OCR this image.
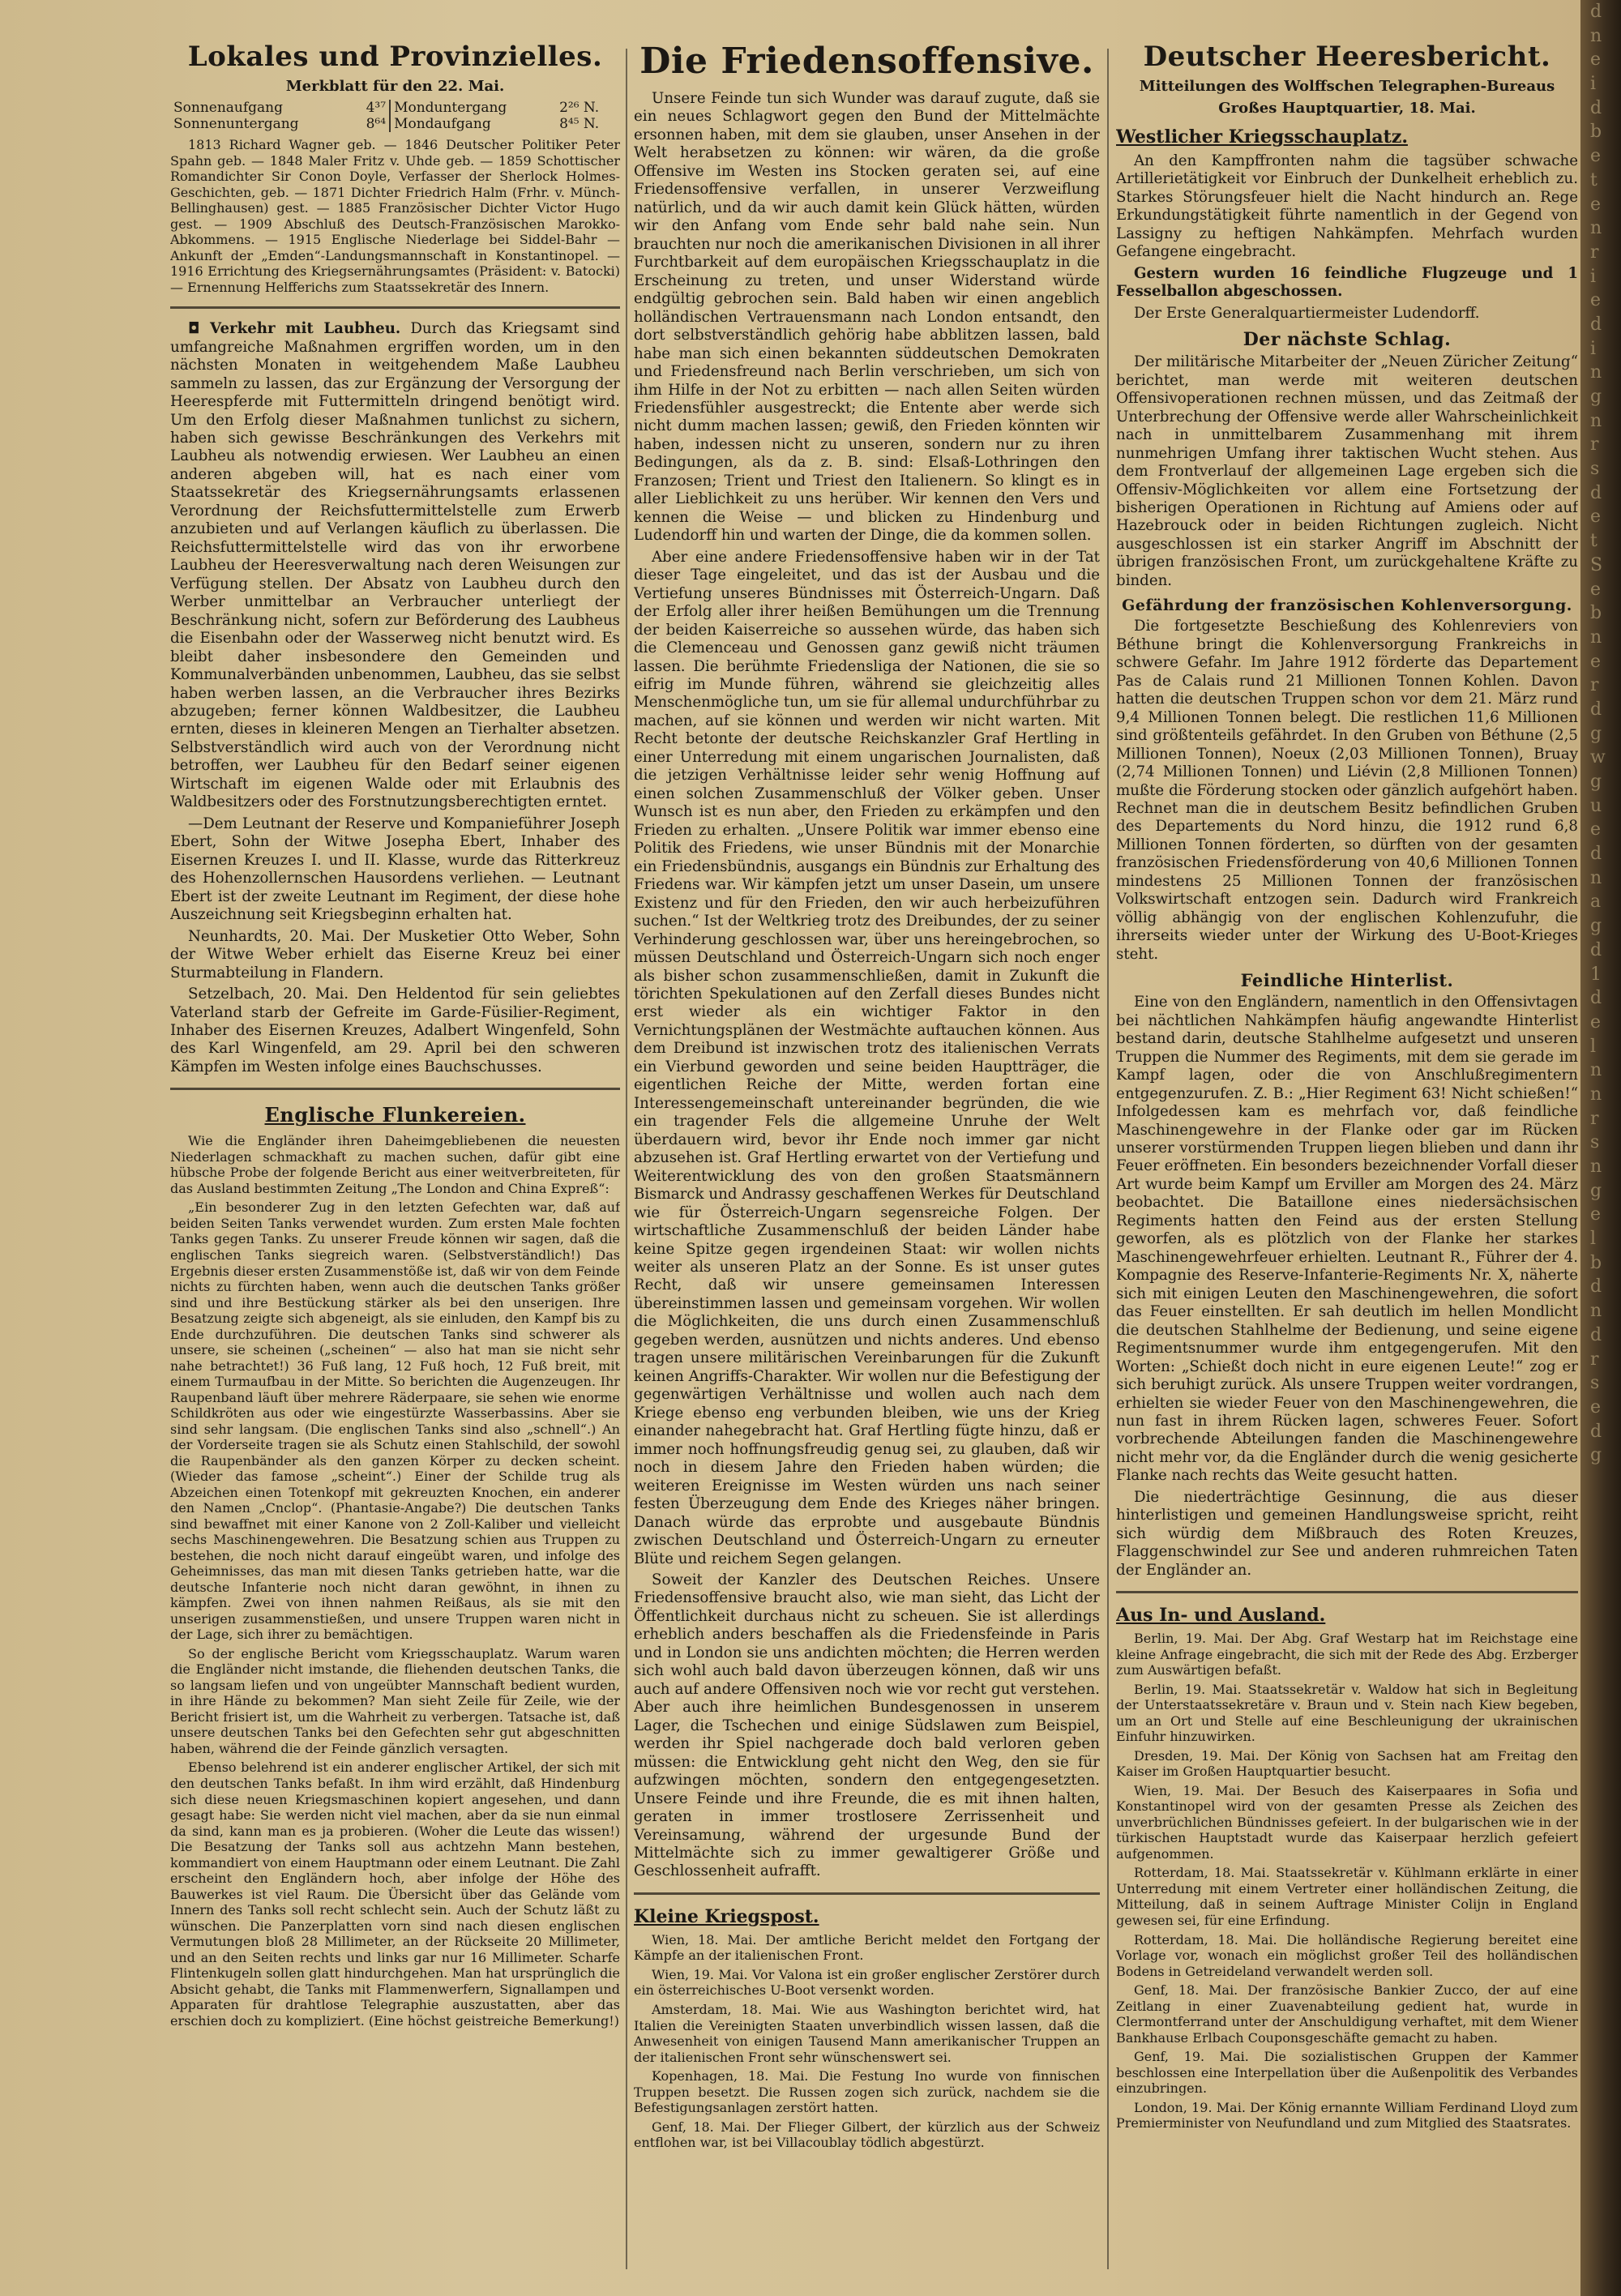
d
n
e
i
d
b
e
t
e
n
r
i
e
d
i
n
g
n
r
s
d
e
t
S
e
b
n
e
r
d
g
w
g
u
e
d
n
a
g
d
1
d
e
l
n
n
r
s
n
g
e
l
b
d
n
d
r
s
e
d
g
Lokales und Provinzielles.
Merkblatt für den 22. Mai.
Sonnenaufgang	4³⁷	Monduntergang	2²⁶ N.
Sonnenuntergang	8⁶⁴	Mondaufgang	8⁴⁵ N.

1813 Richard Wagner geb. — 1846 Deutscher Politiker Peter Spahn geb. — 1848 Maler Fritz v. Uhde geb. — 1859 Schottischer Romandichter Sir Conon Doyle, Verfasser der Sherlock Holmes-Geschichten, geb. — 1871 Dichter Friedrich Halm (Frhr. v. Münch-Bellinghausen) gest. — 1885 Französischer Dichter Victor Hugo gest. — 1909 Abschluß des Deutsch-Französischen Marokko-Abkommens. — 1915 Englische Niederlage bei Siddel-Bahr — Ankunft der „Emden“-Landungsmannschaft in Konstantinopel. — 1916 Errichtung des Kriegsernährungsamtes (Präsident: v. Batocki) — Ernennung Helfferichs zum Staatssekretär des Innern.

◘ Verkehr mit Laubheu. Durch das Kriegsamt sind umfangreiche Maßnahmen ergriffen worden, um in den nächsten Monaten in weitgehendem Maße Laubheu sammeln zu lassen, das zur Ergänzung der Versorgung der Heerespferde mit Futtermitteln dringend benötigt wird. Um den Erfolg dieser Maßnahmen tunlichst zu sichern, haben sich gewisse Beschränkungen des Verkehrs mit Laubheu als notwendig erwiesen. Wer Laubheu an einen anderen abgeben will, hat es nach einer vom Staatssekretär des Kriegsernährungsamts erlassenen Verordnung der Reichsfuttermittelstelle zum Erwerb anzubieten und auf Verlangen käuflich zu überlassen. Die Reichsfuttermittelstelle wird das von ihr erworbene Laubheu der Heeresverwaltung nach deren Weisungen zur Verfügung stellen. Der Absatz von Laubheu durch den Werber unmittelbar an Verbraucher unterliegt der Beschränkung nicht, sofern zur Beförderung des Laubheus die Eisenbahn oder der Wasserweg nicht benutzt wird. Es bleibt daher insbesondere den Gemeinden und Kommunalverbänden unbenommen, Laubheu, das sie selbst haben werben lassen, an die Verbraucher ihres Bezirks abzugeben; ferner können Waldbesitzer, die Laubheu ernten, dieses in kleineren Mengen an Tierhalter absetzen. Selbstverständlich wird auch von der Verordnung nicht betroffen, wer Laubheu für den Bedarf seiner eigenen Wirtschaft im eigenen Walde oder mit Erlaubnis des Waldbesitzers oder des Forstnutzungsberechtigten erntet.

—Dem Leutnant der Reserve und Kompanieführer Joseph Ebert, Sohn der Witwe Josepha Ebert, Inhaber des Eisernen Kreuzes I. und II. Klasse, wurde das Ritterkreuz des Hohenzollernschen Hausordens verliehen. — Leutnant Ebert ist der zweite Leutnant im Regiment, der diese hohe Auszeichnung seit Kriegsbeginn erhalten hat.

Neunhardts, 20. Mai. Der Musketier Otto Weber, Sohn der Witwe Weber erhielt das Eiserne Kreuz bei einer Sturmabteilung in Flandern.

Setzelbach, 20. Mai. Den Heldentod für sein geliebtes Vaterland starb der Gefreite im Garde-Füsilier-Regiment, Inhaber des Eisernen Kreuzes, Adalbert Wingenfeld, Sohn des Karl Wingenfeld, am 29. April bei den schweren Kämpfen im Westen infolge eines Bauchschusses.

Englische Flunkereien.

Wie die Engländer ihren Daheimgebliebenen die neuesten Niederlagen schmackhaft zu machen suchen, dafür gibt eine hübsche Probe der folgende Bericht aus einer weitverbreiteten, für das Ausland bestimmten Zeitung „The London and China Expreß“:

„Ein besonderer Zug in den letzten Gefechten war, daß auf beiden Seiten Tanks verwendet wurden. Zum ersten Male fochten Tanks gegen Tanks. Zu unserer Freude können wir sagen, daß die englischen Tanks siegreich waren. (Selbstverständlich!) Das Ergebnis dieser ersten Zusammenstöße ist, daß wir von dem Feinde nichts zu fürchten haben, wenn auch die deutschen Tanks größer sind und ihre Bestückung stärker als bei den unserigen. Ihre Besatzung zeigte sich abgeneigt, als sie einluden, den Kampf bis zu Ende durchzuführen. Die deutschen Tanks sind schwerer als unsere, sie scheinen („scheinen“ — also hat man sie nicht sehr nahe betrachtet!) 36 Fuß lang, 12 Fuß hoch, 12 Fuß breit, mit einem Turmaufbau in der Mitte. So berichten die Augenzeugen. Ihr Raupenband läuft über mehrere Räderpaare, sie sehen wie enorme Schildkröten aus oder wie eingestürzte Wasserbassins. Aber sie sind sehr langsam. (Die englischen Tanks sind also „schnell“.) An der Vorderseite tragen sie als Schutz einen Stahlschild, der sowohl die Raupenbänder als den ganzen Körper zu decken scheint. (Wieder das famose „scheint“.) Einer der Schilde trug als Abzeichen einen Totenkopf mit gekreuzten Knochen, ein anderer den Namen „Cnclop“. (Phantasie-Angabe?) Die deutschen Tanks sind bewaffnet mit einer Kanone von 2 Zoll-Kaliber und vielleicht sechs Maschinengewehren. Die Besatzung schien aus Truppen zu bestehen, die noch nicht darauf eingeübt waren, und infolge des Geheimnisses, das man mit diesen Tanks getrieben hatte, war die deutsche Infanterie noch nicht daran gewöhnt, in ihnen zu kämpfen. Zwei von ihnen nahmen Reißaus, als sie mit den unserigen zusammenstießen, und unsere Truppen waren nicht in der Lage, sich ihrer zu bemächtigen.

So der englische Bericht vom Kriegsschauplatz. Warum waren die Engländer nicht imstande, die fliehenden deutschen Tanks, die so langsam liefen und von ungeübter Mannschaft bedient wurden, in ihre Hände zu bekommen? Man sieht Zeile für Zeile, wie der Bericht frisiert ist, um die Wahrheit zu verbergen. Tatsache ist, daß unsere deutschen Tanks bei den Gefechten sehr gut abgeschnitten haben, während die der Feinde gänzlich versagten.

Ebenso belehrend ist ein anderer englischer Artikel, der sich mit den deutschen Tanks befaßt. In ihm wird erzählt, daß Hindenburg sich diese neuen Kriegsmaschinen kopiert angesehen, und dann gesagt habe: Sie werden nicht viel machen, aber da sie nun einmal da sind, kann man es ja probieren. (Woher die Leute das wissen!) Die Besatzung der Tanks soll aus achtzehn Mann bestehen, kommandiert von einem Hauptmann oder einem Leutnant. Die Zahl erscheint den Engländern hoch, aber infolge der Höhe des Bauwerkes ist viel Raum. Die Übersicht über das Gelände vom Innern des Tanks soll recht schlecht sein. Auch der Schutz läßt zu wünschen. Die Panzerplatten vorn sind nach diesen englischen Vermutungen bloß 28 Millimeter, an der Rückseite 20 Millimeter, und an den Seiten rechts und links gar nur 16 Millimeter. Scharfe Flintenkugeln sollen glatt hindurchgehen. Man hat ursprünglich die Absicht gehabt, die Tanks mit Flammenwerfern, Signallampen und Apparaten für drahtlose Telegraphie auszustatten, aber das erschien doch zu kompliziert. (Eine höchst geistreiche Bemerkung!)

Die Friedensoffensive.

Unsere Feinde tun sich Wunder was darauf zugute, daß sie ein neues Schlagwort gegen den Bund der Mittelmächte ersonnen haben, mit dem sie glauben, unser Ansehen in der Welt herabsetzen zu können: wir wären, da die große Offensive im Westen ins Stocken geraten sei, auf eine Friedensoffensive verfallen, in unserer Verzweiflung natürlich, und da wir auch damit kein Glück hätten, würden wir den Anfang vom Ende sehr bald nahe sein. Nun brauchten nur noch die amerikanischen Divisionen in all ihrer Furchtbarkeit auf dem europäischen Kriegsschauplatz in die Erscheinung zu treten, und unser Widerstand würde endgültig gebrochen sein. Bald haben wir einen angeblich holländischen Vertrauensmann nach London entsandt, den dort selbstverständlich gehörig habe abblitzen lassen, bald habe man sich einen bekannten süddeutschen Demokraten und Friedensfreund nach Berlin verschrieben, um sich von ihm Hilfe in der Not zu erbitten — nach allen Seiten würden Friedensfühler ausgestreckt; die Entente aber werde sich nicht dumm machen lassen; gewiß, den Frieden könnten wir haben, indessen nicht zu unseren, sondern nur zu ihren Bedingungen, als da z. B. sind: Elsaß-Lothringen den Franzosen; Trient und Triest den Italienern. So klingt es in aller Lieblichkeit zu uns herüber. Wir kennen den Vers und kennen die Weise — und blicken zu Hindenburg und Ludendorff hin und warten der Dinge, die da kommen sollen.

Aber eine andere Friedensoffensive haben wir in der Tat dieser Tage eingeleitet, und das ist der Ausbau und die Vertiefung unseres Bündnisses mit Österreich-Ungarn. Daß der Erfolg aller ihrer heißen Bemühungen um die Trennung der beiden Kaiserreiche so aussehen würde, das haben sich die Clemenceau und Genossen ganz gewiß nicht träumen lassen. Die berühmte Friedensliga der Nationen, die sie so eifrig im Munde führen, während sie gleichzeitig alles Menschenmögliche tun, um sie für allemal undurchführbar zu machen, auf sie können und werden wir nicht warten. Mit Recht betonte der deutsche Reichskanzler Graf Hertling in einer Unterredung mit einem ungarischen Journalisten, daß die jetzigen Verhältnisse leider sehr wenig Hoffnung auf einen solchen Zusammenschluß der Völker geben. Unser Wunsch ist es nun aber, den Frieden zu erkämpfen und den Frieden zu erhalten. „Unsere Politik war immer ebenso eine Politik des Friedens, wie unser Bündnis mit der Monarchie ein Friedensbündnis, ausgangs ein Bündnis zur Erhaltung des Friedens war. Wir kämpfen jetzt um unser Dasein, um unsere Existenz und für den Frieden, den wir auch herbeizuführen suchen.“ Ist der Weltkrieg trotz des Dreibundes, der zu seiner Verhinderung geschlossen war, über uns hereingebrochen, so müssen Deutschland und Österreich-Ungarn sich noch enger als bisher schon zusammenschließen, damit in Zukunft die törichten Spekulationen auf den Zerfall dieses Bundes nicht erst wieder als ein wichtiger Faktor in den Vernichtungsplänen der Westmächte auftauchen können. Aus dem Dreibund ist inzwischen trotz des italienischen Verrats ein Vierbund geworden und seine beiden Hauptträger, die eigentlichen Reiche der Mitte, werden fortan eine Interessengemeinschaft untereinander begründen, die wie ein tragender Fels die allgemeine Unruhe der Welt überdauern wird, bevor ihr Ende noch immer gar nicht abzusehen ist. Graf Hertling erwartet von der Vertiefung und Weiterentwicklung des von den großen Staatsmännern Bismarck und Andrassy geschaffenen Werkes für Deutschland wie für Österreich-Ungarn segensreiche Folgen. Der wirtschaftliche Zusammenschluß der beiden Länder habe keine Spitze gegen irgendeinen Staat: wir wollen nichts weiter als unseren Platz an der Sonne. Es ist unser gutes Recht, daß wir unsere gemeinsamen Interessen übereinstimmen lassen und gemeinsam vorgehen. Wir wollen die Möglichkeiten, die uns durch einen Zusammenschluß gegeben werden, ausnützen und nichts anderes. Und ebenso tragen unsere militärischen Vereinbarungen für die Zukunft keinen Angriffs-Charakter. Wir wollen nur die Befestigung der gegenwärtigen Verhältnisse und wollen auch nach dem Kriege ebenso eng verbunden bleiben, wie uns der Krieg einander nahegebracht hat. Graf Hertling fügte hinzu, daß er immer noch hoffnungsfreudig genug sei, zu glauben, daß wir noch in diesem Jahre den Frieden haben würden; die weiteren Ereignisse im Westen würden uns nach seiner festen Überzeugung dem Ende des Krieges näher bringen. Danach würde das erprobte und ausgebaute Bündnis zwischen Deutschland und Österreich-Ungarn zu erneuter Blüte und reichem Segen gelangen.

Soweit der Kanzler des Deutschen Reiches. Unsere Friedensoffensive braucht also, wie man sieht, das Licht der Öffentlichkeit durchaus nicht zu scheuen. Sie ist allerdings erheblich anders beschaffen als die Friedensfeinde in Paris und in London sie uns andichten möchten; die Herren werden sich wohl auch bald davon überzeugen können, daß wir uns auch auf andere Offensiven noch wie vor recht gut verstehen. Aber auch ihre heimlichen Bundesgenossen in unserem Lager, die Tschechen und einige Südslawen zum Beispiel, werden ihr Spiel nachgerade doch bald verloren geben müssen: die Entwicklung geht nicht den Weg, den sie für aufzwingen möchten, sondern den entgegengesetzten. Unsere Feinde und ihre Freunde, die es mit ihnen halten, geraten in immer trostlosere Zerrissenheit und Vereinsamung, während der urgesunde Bund der Mittelmächte sich zu immer gewaltigerer Größe und Geschlossenheit aufrafft.

Kleine Kriegspost.

Wien, 18. Mai. Der amtliche Bericht meldet den Fortgang der Kämpfe an der italienischen Front.

Wien, 19. Mai. Vor Valona ist ein großer englischer Zerstörer durch ein österreichisches U-Boot versenkt worden.

Amsterdam, 18. Mai. Wie aus Washington berichtet wird, hat Italien die Vereinigten Staaten unverbindlich wissen lassen, daß die Anwesenheit von einigen Tausend Mann amerikanischer Truppen an der italienischen Front sehr wünschenswert sei.

Kopenhagen, 18. Mai. Die Festung Ino wurde von finnischen Truppen besetzt. Die Russen zogen sich zurück, nachdem sie die Befestigungsanlagen zerstört hatten.

Genf, 18. Mai. Der Flieger Gilbert, der kürzlich aus der Schweiz entflohen war, ist bei Villacoublay tödlich abgestürzt.

Deutscher Heeresbericht.
Mitteilungen des Wolffschen Telegraphen-Bureaus
Großes Hauptquartier, 18. Mai.
Westlicher Kriegsschauplatz.

An den Kampffronten nahm die tagsüber schwache Artillerietätigkeit vor Einbruch der Dunkelheit erheblich zu. Starkes Störungsfeuer hielt die Nacht hindurch an. Rege Erkundungstätigkeit führte namentlich in der Gegend von Lassigny zu heftigen Nahkämpfen. Mehrfach wurden Gefangene eingebracht.

Gestern wurden 16 feindliche Flugzeuge und 1 Fesselballon abgeschossen.

Der Erste Generalquartiermeister Ludendorff.

Der nächste Schlag.

Der militärische Mitarbeiter der „Neuen Züricher Zeitung“ berichtet, man werde mit weiteren deutschen Offensivoperationen rechnen müssen, und das Zeitmaß der Unterbrechung der Offensive werde aller Wahrscheinlichkeit nach in unmittelbarem Zusammenhang mit ihrem nunmehrigen Umfang ihrer taktischen Wucht stehen. Aus dem Frontverlauf der allgemeinen Lage ergeben sich die Offensiv-Möglichkeiten vor allem eine Fortsetzung der bisherigen Operationen in Richtung auf Amiens oder auf Hazebrouck oder in beiden Richtungen zugleich. Nicht ausgeschlossen ist ein starker Angriff im Abschnitt der übrigen französischen Front, um zurückgehaltene Kräfte zu binden.

Gefährdung der französischen Kohlenversorgung.

Die fortgesetzte Beschießung des Kohlenreviers von Béthune bringt die Kohlenversorgung Frankreichs in schwere Gefahr. Im Jahre 1912 förderte das Departement Pas de Calais rund 21 Millionen Tonnen Kohlen. Davon hatten die deutschen Truppen schon vor dem 21. März rund 9,4 Millionen Tonnen belegt. Die restlichen 11,6 Millionen sind größtenteils gefährdet. In den Gruben von Béthune (2,5 Millionen Tonnen), Noeux (2,03 Millionen Tonnen), Bruay (2,74 Millionen Tonnen) und Liévin (2,8 Millionen Tonnen) mußte die Förderung stocken oder gänzlich aufgehört haben. Rechnet man die in deutschem Besitz befindlichen Gruben des Departements du Nord hinzu, die 1912 rund 6,8 Millionen Tonnen förderten, so dürften von der gesamten französischen Friedensförderung von 40,6 Millionen Tonnen mindestens 25 Millionen Tonnen der französischen Volkswirtschaft entzogen sein. Dadurch wird Frankreich völlig abhängig von der englischen Kohlenzufuhr, die ihrerseits wieder unter der Wirkung des U-Boot-Krieges steht.

Feindliche Hinterlist.

Eine von den Engländern, namentlich in den Offensivtagen bei nächtlichen Nahkämpfen häufig angewandte Hinterlist bestand darin, deutsche Stahlhelme aufgesetzt und unseren Truppen die Nummer des Regiments, mit dem sie gerade im Kampf lagen, oder die von Anschlußregimentern entgegenzurufen. Z. B.: „Hier Regiment 63! Nicht schießen!“ Infolgedessen kam es mehrfach vor, daß feindliche Maschinengewehre in der Flanke oder gar im Rücken unserer vorstürmenden Truppen liegen blieben und dann ihr Feuer eröffneten. Ein besonders bezeichnender Vorfall dieser Art wurde beim Kampf um Erviller am Morgen des 24. März beobachtet. Die Bataillone eines niedersächsischen Regiments hatten den Feind aus der ersten Stellung geworfen, als es plötzlich von der Flanke her starkes Maschinengewehrfeuer erhielten. Leutnant R., Führer der 4. Kompagnie des Reserve-Infanterie-Regiments Nr. X, näherte sich mit einigen Leuten den Maschinengewehren, die sofort das Feuer einstellten. Er sah deutlich im hellen Mondlicht die deutschen Stahlhelme der Bedienung, und seine eigene Regimentsnummer wurde ihm entgegengerufen. Mit den Worten: „Schießt doch nicht in eure eigenen Leute!“ zog er sich beruhigt zurück. Als unsere Truppen weiter vordrangen, erhielten sie wieder Feuer von den Maschinengewehren, die nun fast in ihrem Rücken lagen, schweres Feuer. Sofort vorbrechende Abteilungen fanden die Maschinengewehre nicht mehr vor, da die Engländer durch die wenig gesicherte Flanke nach rechts das Weite gesucht hatten.

Die niederträchtige Gesinnung, die aus dieser hinterlistigen und gemeinen Handlungsweise spricht, reiht sich würdig dem Mißbrauch des Roten Kreuzes, Flaggenschwindel zur See und anderen ruhmreichen Taten der Engländer an.

Aus In- und Ausland.

Berlin, 19. Mai. Der Abg. Graf Westarp hat im Reichstage eine kleine Anfrage eingebracht, die sich mit der Rede des Abg. Erzberger zum Auswärtigen befaßt.

Berlin, 19. Mai. Staatssekretär v. Waldow hat sich in Begleitung der Unterstaatssekretäre v. Braun und v. Stein nach Kiew begeben, um an Ort und Stelle auf eine Beschleunigung der ukrainischen Einfuhr hinzuwirken.

Dresden, 19. Mai. Der König von Sachsen hat am Freitag den Kaiser im Großen Hauptquartier besucht.

Wien, 19. Mai. Der Besuch des Kaiserpaares in Sofia und Konstantinopel wird von der gesamten Presse als Zeichen des unverbrüchlichen Bündnisses gefeiert. In der bulgarischen wie in der türkischen Hauptstadt wurde das Kaiserpaar herzlich gefeiert aufgenommen.

Rotterdam, 18. Mai. Staatssekretär v. Kühlmann erklärte in einer Unterredung mit einem Vertreter einer holländischen Zeitung, die Mitteilung, daß in seinem Auftrage Minister Colijn in England gewesen sei, für eine Erfindung.

Rotterdam, 18. Mai. Die holländische Regierung bereitet eine Vorlage vor, wonach ein möglichst großer Teil des holländischen Bodens in Getreideland verwandelt werden soll.

Genf, 18. Mai. Der französische Bankier Zucco, der auf eine Zeitlang in einer Zuavenabteilung gedient hat, wurde in Clermontferrand unter der Anschuldigung verhaftet, mit dem Wiener Bankhause Erlbach Couponsgeschäfte gemacht zu haben.

Genf, 19. Mai. Die sozialistischen Gruppen der Kammer beschlossen eine Interpellation über die Außenpolitik des Verbandes einzubringen.

London, 19. Mai. Der König ernannte William Ferdinand Lloyd zum Premierminister von Neufundland und zum Mitglied des Staatsrates.
